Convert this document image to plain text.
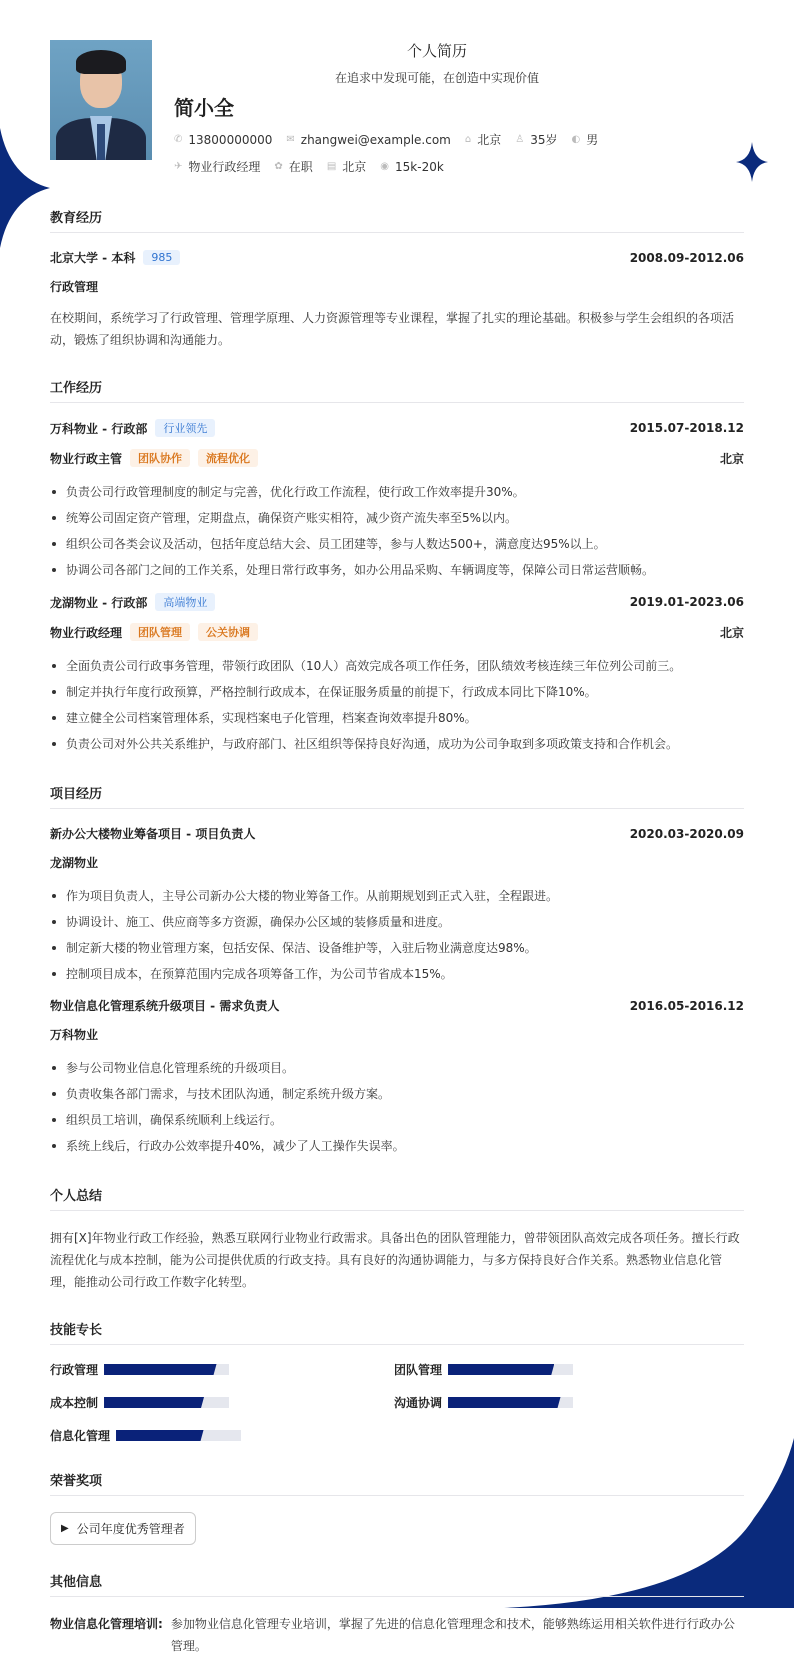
个人简历
在追求中发现可能，在创造中实现价值
简小全
✆ 13800000000 ✉ zhangwei@example.com ⌂ 北京 ♙ 35岁 ◐ 男
✈ 物业行政经理 ✿ 在职 ▤ 北京 ◉ 15k-20k
教育经历
北京大学 - 本科	985	2008.09-2012.06
行政管理

在校期间，系统学习了行政管理、管理学原理、人力资源管理等专业课程，掌握了扎实的理论基础。积极参与学生会组织的各项活动，锻炼了组织协调和沟通能力。

工作经历
万科物业 - 行政部	行业领先	2015.07-2018.12
物业行政主管	团队协作	流程优化	北京
负责公司行政管理制度的制定与完善，优化行政工作流程，使行政工作效率提升30%。
统筹公司固定资产管理，定期盘点，确保资产账实相符，减少资产流失率至5%以内。
组织公司各类会议及活动，包括年度总结大会、员工团建等，参与人数达500+，满意度达95%以上。
协调公司各部门之间的工作关系，处理日常行政事务，如办公用品采购、车辆调度等，保障公司日常运营顺畅。
龙湖物业 - 行政部	高端物业	2019.01-2023.06
物业行政经理	团队管理	公关协调	北京
全面负责公司行政事务管理，带领行政团队（10人）高效完成各项工作任务，团队绩效考核连续三年位列公司前三。
制定并执行年度行政预算，严格控制行政成本，在保证服务质量的前提下，行政成本同比下降10%。
建立健全公司档案管理体系，实现档案电子化管理，档案查询效率提升80%。
负责公司对外公共关系维护，与政府部门、社区组织等保持良好沟通，成功为公司争取到多项政策支持和合作机会。
项目经历
新办公大楼物业筹备项目 - 项目负责人	2020.03-2020.09
龙湖物业
作为项目负责人，主导公司新办公大楼的物业筹备工作。从前期规划到正式入驻，全程跟进。
协调设计、施工、供应商等多方资源，确保办公区域的装修质量和进度。
制定新大楼的物业管理方案，包括安保、保洁、设备维护等，入驻后物业满意度达98%。
控制项目成本，在预算范围内完成各项筹备工作，为公司节省成本15%。
物业信息化管理系统升级项目 - 需求负责人	2016.05-2016.12
万科物业
参与公司物业信息化管理系统的升级项目。
负责收集各部门需求，与技术团队沟通，制定系统升级方案。
组织员工培训，确保系统顺利上线运行。
系统上线后，行政办公效率提升40%，减少了人工操作失误率。
个人总结

拥有[X]年物业行政工作经验，熟悉互联网行业物业行政需求。具备出色的团队管理能力，曾带领团队高效完成各项任务。擅长行政流程优化与成本控制，能为公司提供优质的行政支持。具有良好的沟通协调能力，与多方保持良好合作关系。熟悉物业信息化管理，能推动公司行政工作数字化转型。

技能专长
行政管理	团队管理
成本控制	沟通协调
信息化管理
荣誉奖项
▶ 公司年度优秀管理者
其他信息
物业信息化管理培训: 参加物业信息化管理专业培训，掌握了先进的信息化管理理念和技术，能够熟练运用相关软件进行行政办公管理。
